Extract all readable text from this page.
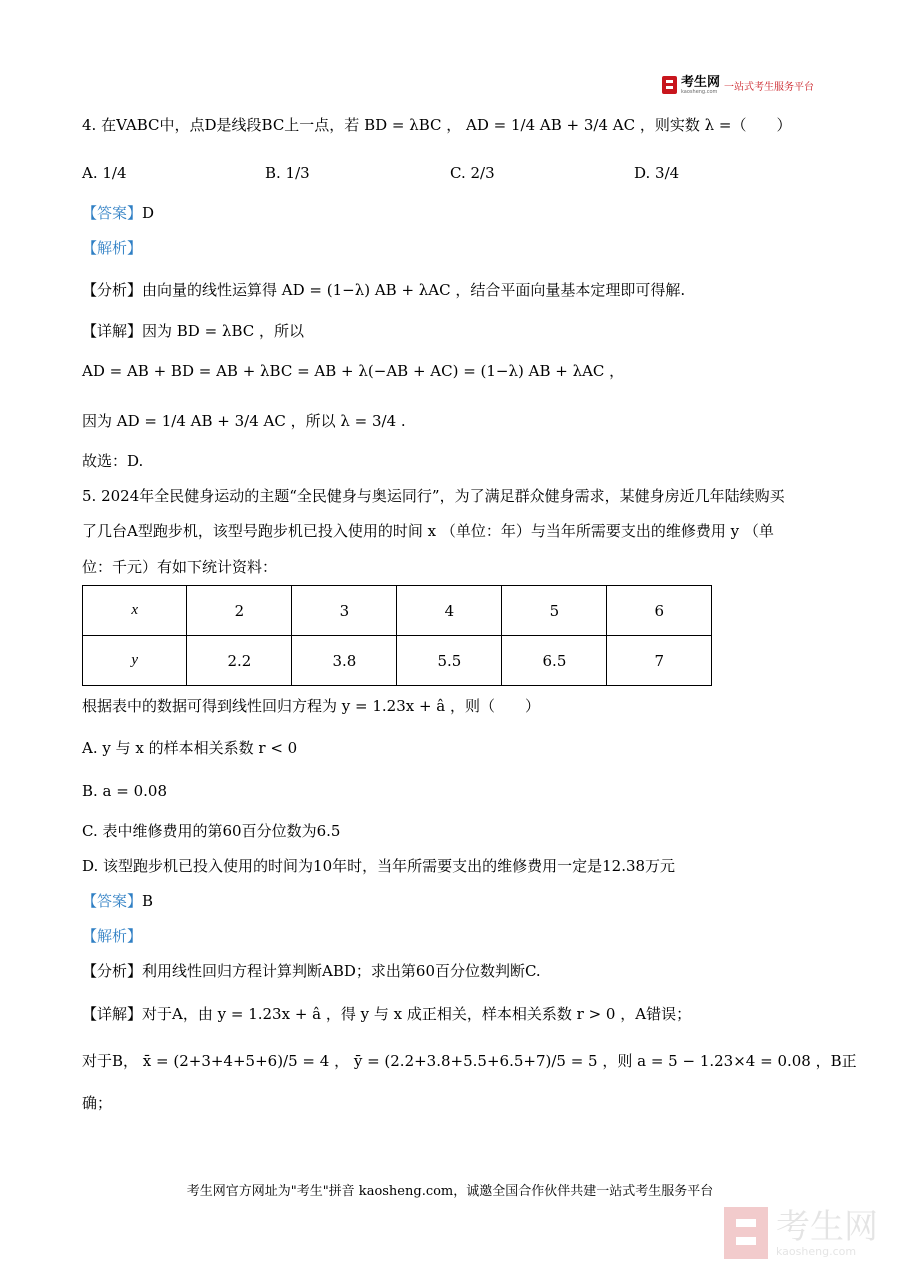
考生网
kaosheng.com 一站式考生服务平台
4. 在VABC中，点D是线段BC上一点，若 BD = λBC ， AD = 1/4 AB + 3/4 AC ，则实数 λ =（　　）
A. 1/4	B. 1/3	C. 2/3	D. 3/4
【答案】D
【解析】
【分析】由向量的线性运算得 AD = (1−λ) AB + λAC ，结合平面向量基本定理即可得解.
【详解】因为 BD = λBC ，所以
AD = AB + BD = AB + λBC = AB + λ(−AB + AC) = (1−λ) AB + λAC ，
因为 AD = 1/4 AB + 3/4 AC ，所以 λ = 3/4 .
故选：D.
5. 2024年全民健身运动的主题“全民健身与奥运同行”，为了满足群众健身需求，某健身房近几年陆续购买
了几台A型跑步机，该型号跑步机已投入使用的时间 x （单位：年）与当年所需要支出的维修费用 y （单
位：千元）有如下统计资料：
x	2	3	4	5	6
y	2.2	3.8	5.5	6.5	7
根据表中的数据可得到线性回归方程为 y = 1.23x + â ，则（　　）
A. y 与 x 的样本相关系数 r < 0
B. a = 0.08
C. 表中维修费用的第60百分位数为6.5
D. 该型跑步机已投入使用的时间为10年时，当年所需要支出的维修费用一定是12.38万元
【答案】B
【解析】
【分析】利用线性回归方程计算判断ABD；求出第60百分位数判断C.
【详解】对于A，由 y = 1.23x + â ，得 y 与 x 成正相关，样本相关系数 r > 0 ，A错误；
对于B， x̄ = (2+3+4+5+6)/5 = 4 ， ȳ = (2.2+3.8+5.5+6.5+7)/5 = 5 ，则 a = 5 − 1.23×4 = 0.08 ，B正
确；
考生网官方网址为"考生"拼音 kaosheng.com，诚邀全国合作伙伴共建一站式考生服务平台
考生网
kaosheng.com
